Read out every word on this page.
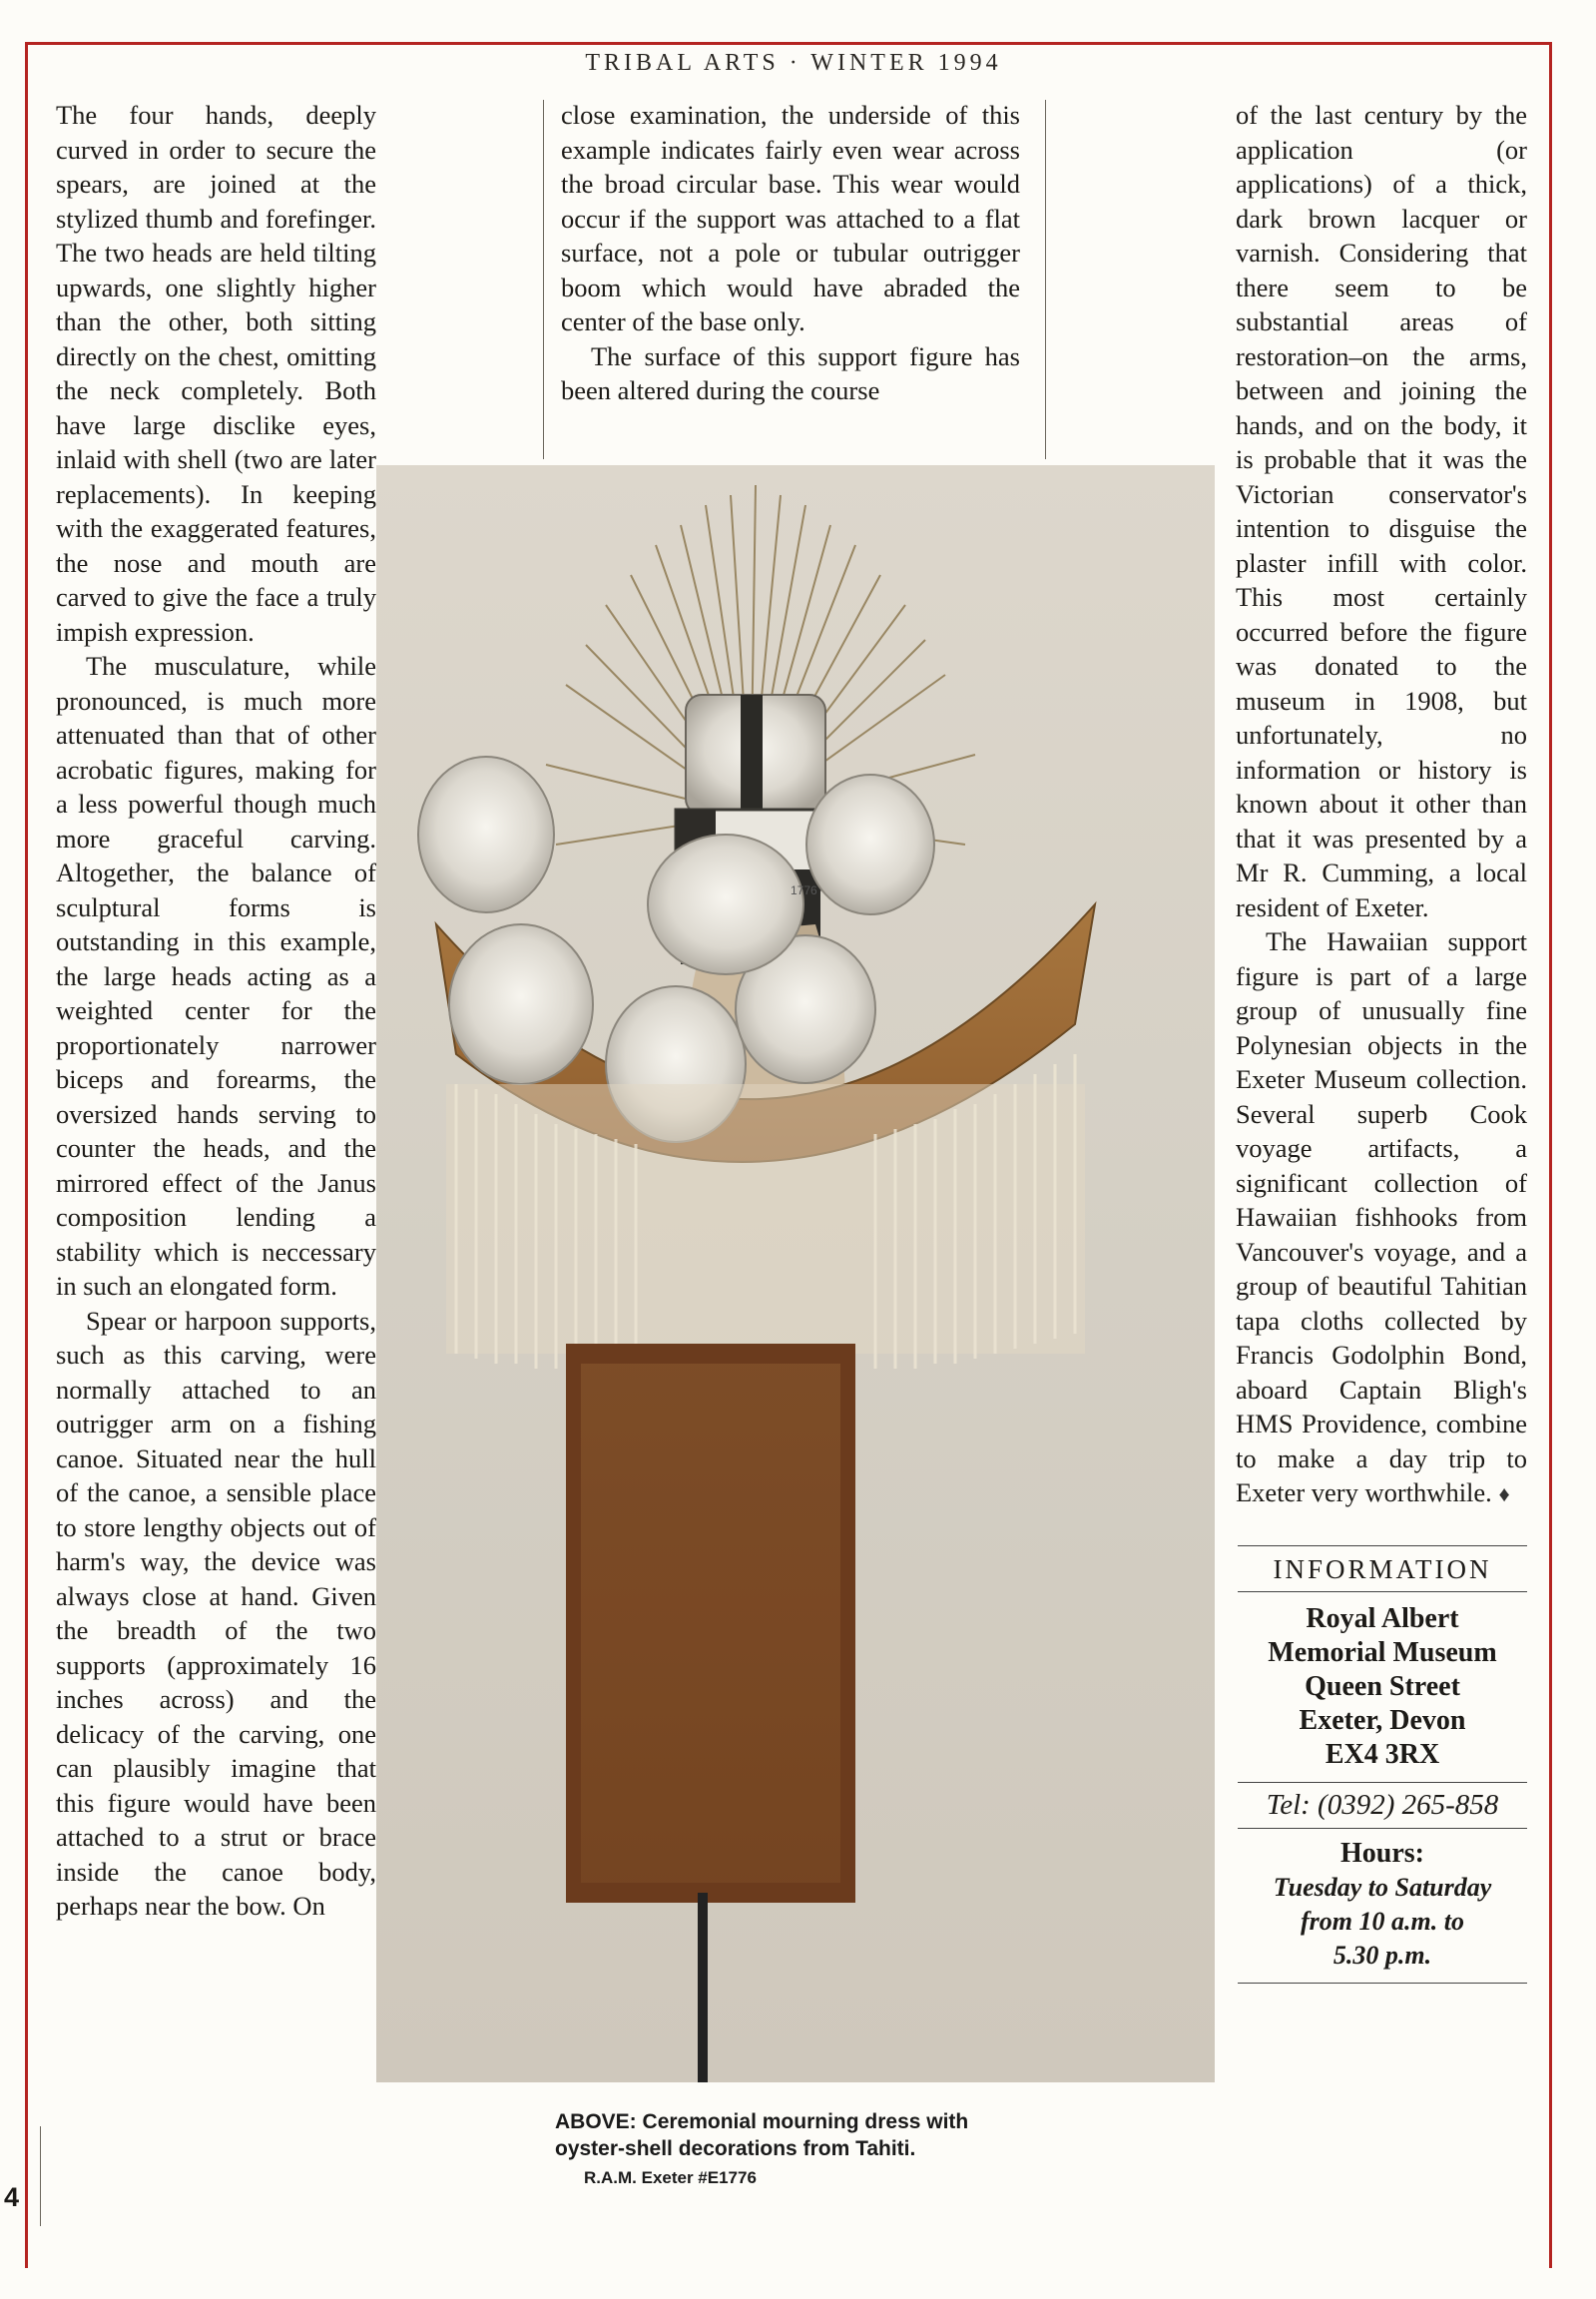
TRIBAL ARTS · WINTER 1994
4

The four hands, deeply curved in order to secure the spears, are joined at the stylized thumb and forefinger. The two heads are held tilting upwards, one slightly higher than the other, both sitting directly on the chest, omitting the neck completely. Both have large disclike eyes, inlaid with shell (two are later replacements). In keeping with the exaggerated features, the nose and mouth are carved to give the face a truly impish expression.

The musculature, while pronounced, is much more attenuated than that of other acrobatic figures, making for a less powerful though much more graceful carving. Altogether, the balance of sculptural forms is outstanding in this example, the large heads acting as a weighted center for the proportionately narrower biceps and forearms, the oversized hands serving to counter the heads, and the mirrored effect of the Janus composition lending a stability which is neccessary in such an elongated form.

Spear or harpoon supports, such as this carving, were normally attached to an outrigger arm on a fishing canoe. Situated near the hull of the canoe, a sensible place to store lengthy objects out of harm's way, the device was always close at hand. Given the breadth of the two supports (approximately 16 inches across) and the delicacy of the carving, one can plausibly imagine that this figure would have been attached to a strut or brace inside the canoe body, perhaps near the bow. On

close examination, the underside of this example indicates fairly even wear across the broad circular base. This wear would occur if the support was attached to a flat surface, not a pole or tubular outrigger boom which would have abraded the center of the base only.

The surface of this support figure has been altered during the course

of the last century by the application (or applications) of a thick, dark brown lacquer or varnish. Considering that there seem to be substantial areas of restoration–on the arms, between and joining the hands, and on the body, it is probable that it was the Victorian conservator's intention to disguise the plaster infill with color. This most certainly occurred before the figure was donated to the museum in 1908, but unfortunately, no information or history is known about it other than that it was presented by a Mr R. Cumming, a local resident of Exeter.

The Hawaiian support figure is part of a large group of unusually fine Polynesian objects in the Exeter Museum collection. Several superb Cook voyage artifacts, a significant collection of Hawaiian fishhooks from Vancouver's voyage, and a group of beautiful Tahitian tapa cloths collected by Francis Godolphin Bond, aboard Captain Bligh's HMS Providence, combine to make a day trip to Exeter very worthwhile. ♦

1776
ABOVE: Ceremonial mourning dress with oyster-shell decorations from Tahiti.
R.A.M. Exeter #E1776
INFORMATION
Royal Albert
Memorial Museum
Queen Street
Exeter, Devon
EX4 3RX
Tel: (0392) 265-858
Hours:
Tuesday to Saturday
from 10 a.m. to
5.30 p.m.
